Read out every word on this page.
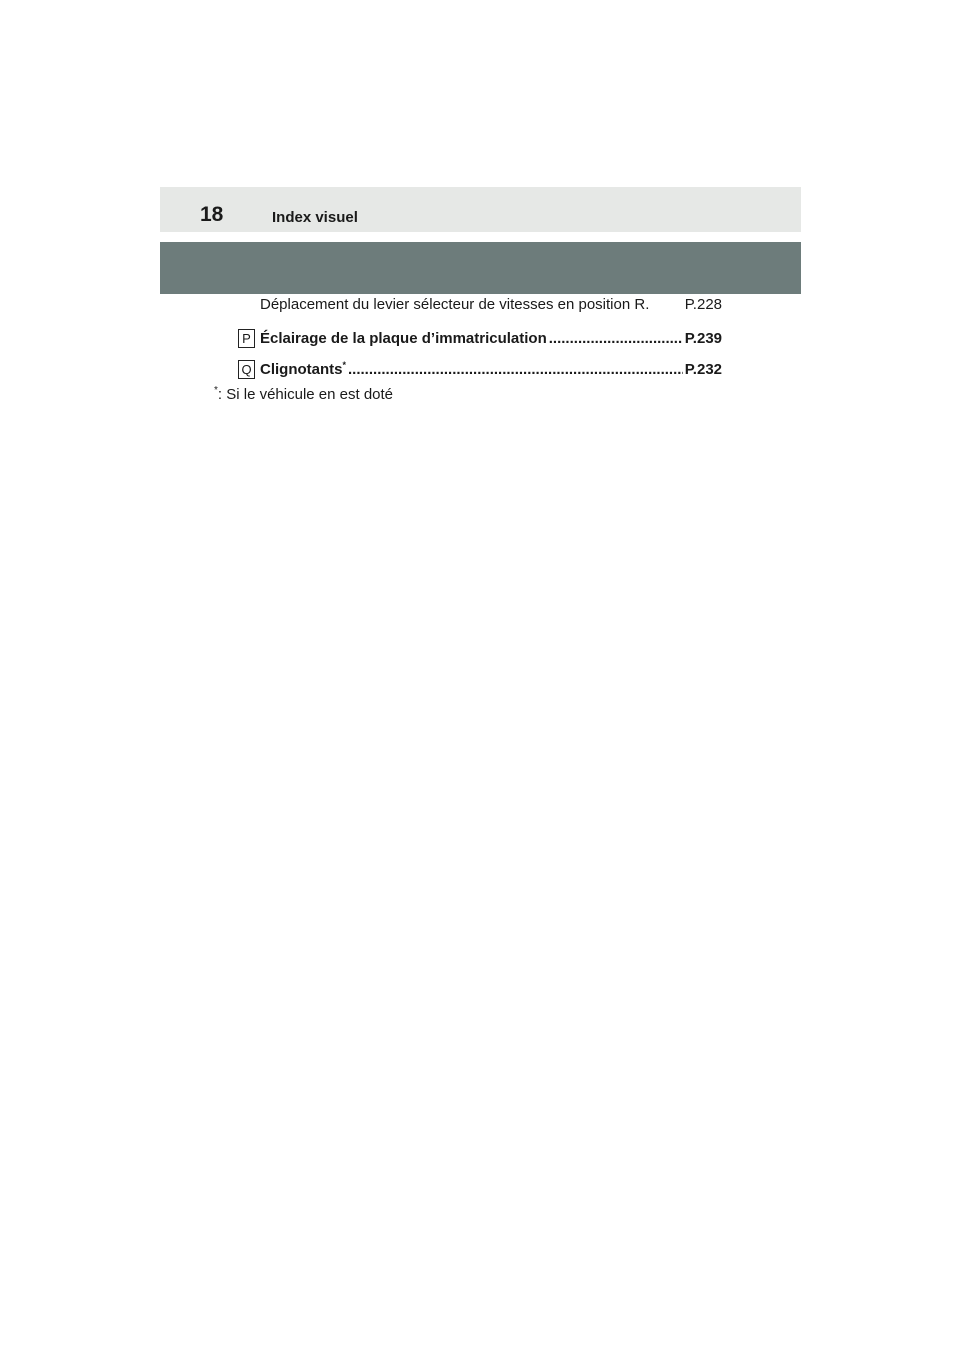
18	Index visuel
Déplacement du levier sélecteur de vitesses en position R. P.228
P Éclairage de la plaque d’immatriculation .....	P.239
Q Clignotants* .....	P.232
*: Si le véhicule en est doté
